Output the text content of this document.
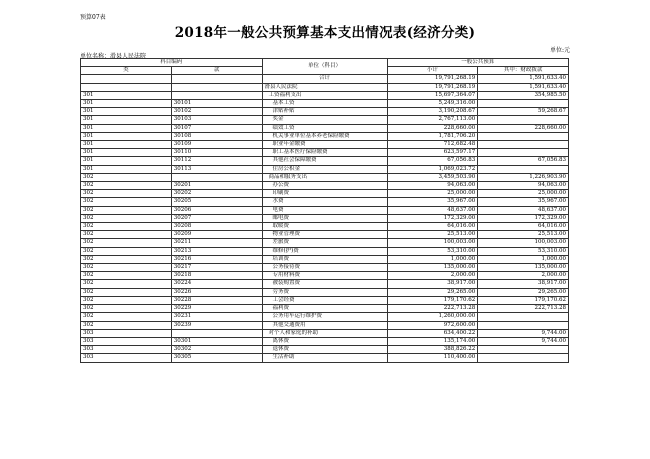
预算07表
2018年一般公共预算基本支出情况表(经济分类)
单位:元
单位名称：滑县人民法院
科目编码		单位（科目）	一般公共预算	
类	款		小计	其中：财政拨款
		合计	19,791,268.19	1,591,633.40
		滑县人民法院	19,791,268.19	1,591,633.40
301		工资福利支出	15,697,364.07	354,985.50
301	30101	基本工资	5,249,316.00	
301	30102	津贴补贴	3,190,208.67	59,268.67
301	30103	奖金	2,767,113.00	
301	30107	绩效工资	228,660.00	228,660.00
301	30108	机关事业单位基本养老保险缴费	1,781,706.20	
301	30109	职业年金缴费	712,682.48	
301	30110	职工基本医疗保险缴费	623,597.17	
301	30112	其他社会保障缴费	67,056.83	67,056.83
301	30113	住房公积金	1,069,023.72	
302		商品和服务支出	3,459,503.90	1,226,903.90
302	30201	办公费	94,063.00	94,063.00
302	30202	印刷费	25,000.00	25,000.00
302	30205	水费	35,967.00	35,967.00
302	30206	电费	48,637.00	48,637.00
302	30207	邮电费	172,329.00	172,329.00
302	30208	取暖费	64,016.00	64,016.00
302	30209	物业管理费	25,513.00	25,513.00
302	30211	差旅费	100,003.00	100,003.00
302	30213	维修(护)费	53,310.00	53,310.00
302	30216	培训费	1,000.00	1,000.00
302	30217	公务接待费	135,000.00	135,000.00
302	30218	专用材料费	2,000.00	2,000.00
302	30224	被装购置费	38,917.00	38,917.00
302	30226	劳务费	29,265.00	29,265.00
302	30228	工会经费	179,170.62	179,170.62
302	30229	福利费	222,713.28	222,713.28
302	30231	公务用车运行维护费	1,260,000.00	
302	30239	其他交通费用	972,600.00	
303		对个人和家庭的补助	634,400.22	9,744.00
303	30301	离休费	135,174.00	9,744.00
303	30302	退休费	388,826.22	
303	30305	生活补助	110,400.00	
